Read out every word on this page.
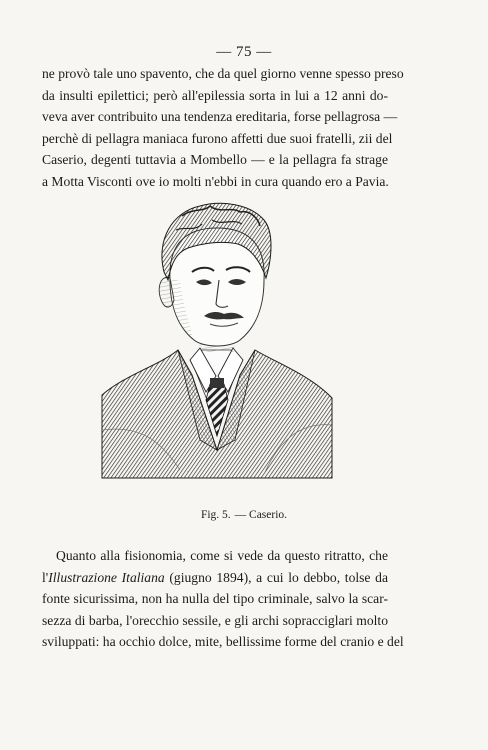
— 75 —
ne provò tale uno spavento, che da quel giorno venne spesso preso
da insulti epilettici; però all'epilessia sorta in lui a 12 anni do-
veva aver contribuito una tendenza ereditaria, forse pellagrosa —
perchè di pellagra maniaca furono affetti due suoi fratelli, zii del
Caserio, degenti tuttavia a Mombello — e la pellagra fa strage
a Motta Visconti ove io molti n'ebbi in cura quando ero a Pavia.
Fig. 5. — Caserio.
Quanto alla fisionomia, come si vede da questo ritratto, che
l'Illustrazione Italiana (giugno 1894), a cui lo debbo, tolse da
fonte sicurissima, non ha nulla del tipo criminale, salvo la scar-
sezza di barba, l'orecchio sessile, e gli archi sopracciglari molto
sviluppati: ha occhio dolce, mite, bellissime forme del cranio e del
